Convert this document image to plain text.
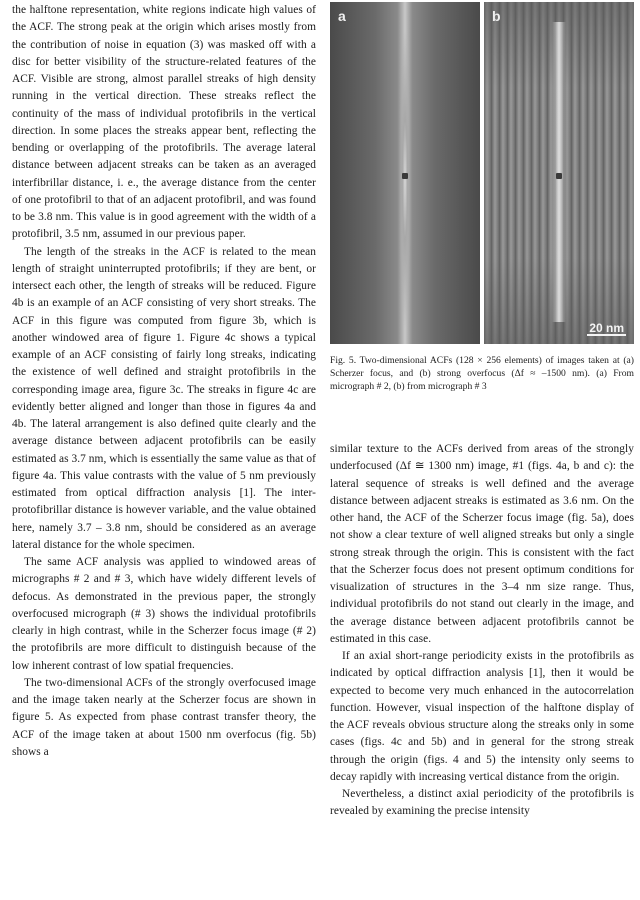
the halftone representation, white regions indicate high values of the ACF. The strong peak at the origin which arises mostly from the contribution of noise in equation (3) was masked off with a disc for better visibility of the structure-related features of the ACF. Visible are strong, almost parallel streaks of high density running in the vertical direction. These streaks reflect the continuity of the mass of individual protofibrils in the vertical direction. In some places the streaks appear bent, reflecting the bending or overlapping of the protofibrils. The average lateral distance between adjacent streaks can be taken as an averaged interfibrillar distance, i. e., the average distance from the center of one protofibril to that of an adjacent protofibril, and was found to be 3.8 nm. This value is in good agreement with the width of a protofibril, 3.5 nm, assumed in our previous paper.

The length of the streaks in the ACF is related to the mean length of straight uninterrupted protofibrils; if they are bent, or intersect each other, the length of streaks will be reduced. Figure 4b is an example of an ACF consisting of very short streaks. The ACF in this figure was computed from figure 3b, which is another windowed area of figure 1. Figure 4c shows a typical example of an ACF consisting of fairly long streaks, indicating the existence of well defined and straight protofibrils in the corresponding image area, figure 3c. The streaks in figure 4c are evidently better aligned and longer than those in figures 4a and 4b. The lateral arrangement is also defined quite clearly and the average distance between adjacent protofibrils can be easily estimated as 3.7 nm, which is essentially the same value as that of figure 4a. This value contrasts with the value of 5 nm previously estimated from optical diffraction analysis [1]. The inter-protofibrillar distance is however variable, and the value obtained here, namely 3.7 – 3.8 nm, should be considered as an average lateral distance for the whole specimen.

The same ACF analysis was applied to windowed areas of micrographs # 2 and # 3, which have widely different levels of defocus. As demonstrated in the previous paper, the strongly overfocused micrograph (# 3) shows the individual protofibrils clearly in high contrast, while in the Scherzer focus image (# 2) the protofibrils are more difficult to distinguish because of the low inherent contrast of low spatial frequencies.

The two-dimensional ACFs of the strongly overfocused image and the image taken nearly at the Scherzer focus are shown in figure 5. As expected from phase contrast transfer theory, the ACF of the image taken at about 1500 nm overfocus (fig. 5b) shows a

a	b
20 nm
Fig. 5. Two-dimensional ACFs (128 × 256 elements) of images taken at (a) Scherzer focus, and (b) strong overfocus (Δf ≈ –1500 nm). (a) From micrograph # 2, (b) from micrograph # 3

similar texture to the ACFs derived from areas of the strongly underfocused (Δf ≅ 1300 nm) image, #1 (figs. 4a, b and c): the lateral sequence of streaks is well defined and the average distance between adjacent streaks is estimated as 3.6 nm. On the other hand, the ACF of the Scherzer focus image (fig. 5a), does not show a clear texture of well aligned streaks but only a single strong streak through the origin. This is consistent with the fact that the Scherzer focus does not present optimum conditions for visualization of structures in the 3–4 nm size range. Thus, individual protofibrils do not stand out clearly in the image, and the average distance between adjacent protofibrils cannot be estimated in this case.

If an axial short-range periodicity exists in the protofibrils as indicated by optical diffraction analysis [1], then it would be expected to become very much enhanced in the autocorrelation function. However, visual inspection of the halftone display of the ACF reveals obvious structure along the streaks only in some cases (figs. 4c and 5b) and in general for the strong streak through the origin (figs. 4 and 5) the intensity only seems to decay rapidly with increasing vertical distance from the origin.

Nevertheless, a distinct axial periodicity of the protofibrils is revealed by examining the precise intensity
